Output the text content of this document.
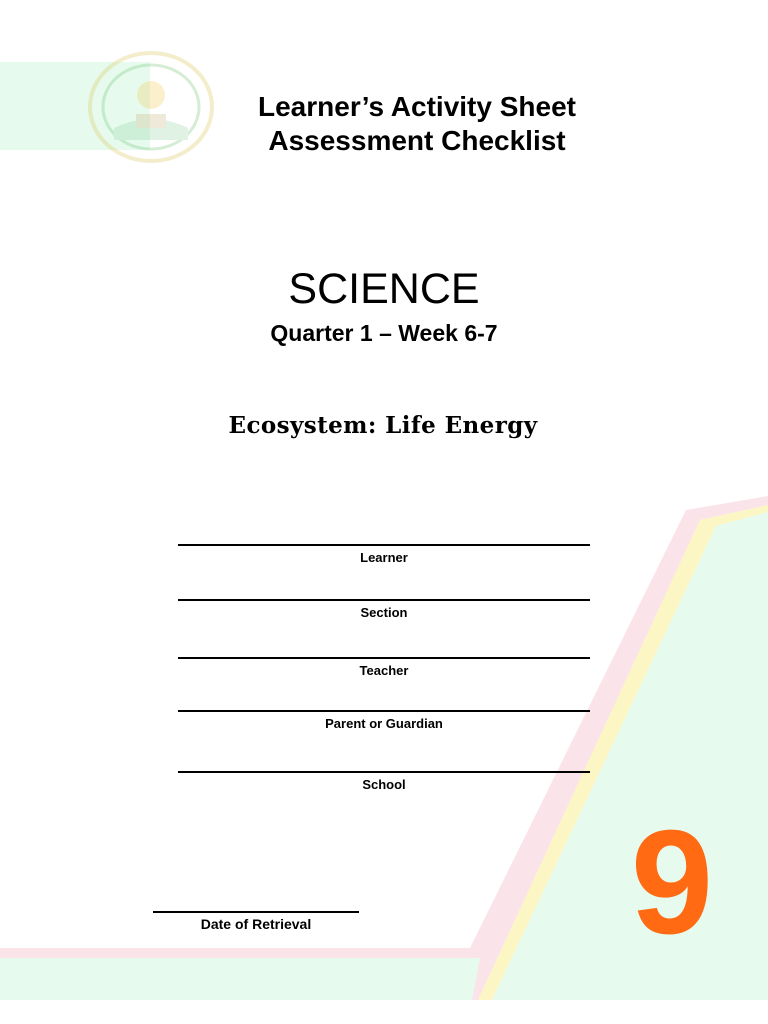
Learner’s Activity Sheet
Assessment Checklist
SCIENCE
Quarter 1 – Week 6-7
Ecosystem: Life Energy
Learner
Section
Teacher
Parent or Guardian
School
Date of Retrieval	9
